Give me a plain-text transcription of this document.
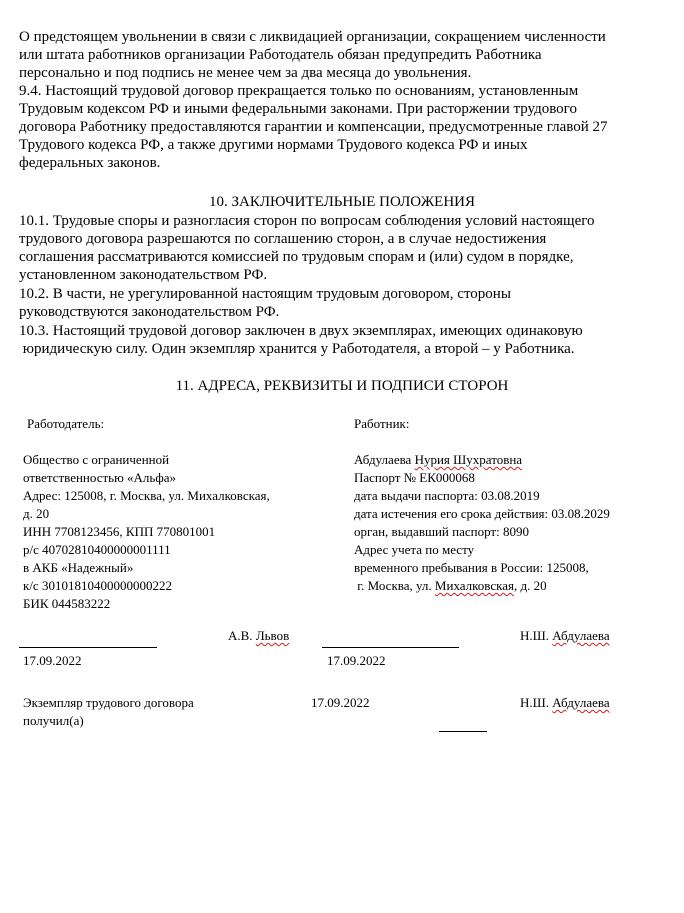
О предстоящем увольнении в связи с ликвидацией организации, сокращением численности
или штата работников организации Работодатель обязан предупредить Работника
персонально и под подпись не менее чем за два месяца до увольнения.
9.4. Настоящий трудовой договор прекращается только по основаниям, установленным
Трудовым кодексом РФ и иными федеральными законами. При расторжении трудового
договора Работнику предоставляются гарантии и компенсации, предусмотренные главой 27
Трудового кодекса РФ, а также другими нормами Трудового кодекса РФ и иных
федеральных законов.
10. ЗАКЛЮЧИТЕЛЬНЫЕ ПОЛОЖЕНИЯ
10.1. Трудовые споры и разногласия сторон по вопросам соблюдения условий настоящего
трудового договора разрешаются по соглашению сторон, а в случае недостижения
соглашения рассматриваются комиссией по трудовым спорам и (или) судом в порядке,
установленном законодательством РФ.
10.2. В части, не урегулированной настоящим трудовым договором, стороны
руководствуются законодательством РФ.
10.3. Настоящий трудовой договор заключен в двух экземплярах, имеющих одинаковую
юридическую силу. Один экземпляр хранится у Работодателя, а второй – у Работника.
11. АДРЕСА, РЕКВИЗИТЫ И ПОДПИСИ СТОРОН
Работодатель:
Общество с ограниченной
ответственностью «Альфа»
Адрес: 125008, г. Москва, ул. Михалковская,
д. 20
ИНН 7708123456, КПП 770801001
р/с 40702810400000001111
в АКБ «Надежный»
к/с 30101810400000000222
БИК 044583222
Работник:
Абдулаева Нурия Шухратовна
Паспорт № ЕК000068
дата выдачи паспорта: 03.08.2019
дата истечения его срока действия: 03.08.2029
орган, выдавший паспорт: 8090
Адрес учета по месту
временного пребывания в России: 125008,
г. Москва, ул. Михалковская, д. 20
А.В. Львов	Н.Ш. Абдулаева
17.09.2022	17.09.2022
Экземпляр трудового договора
получил(а)
17.09.2022	Н.Ш. Абдулаева
